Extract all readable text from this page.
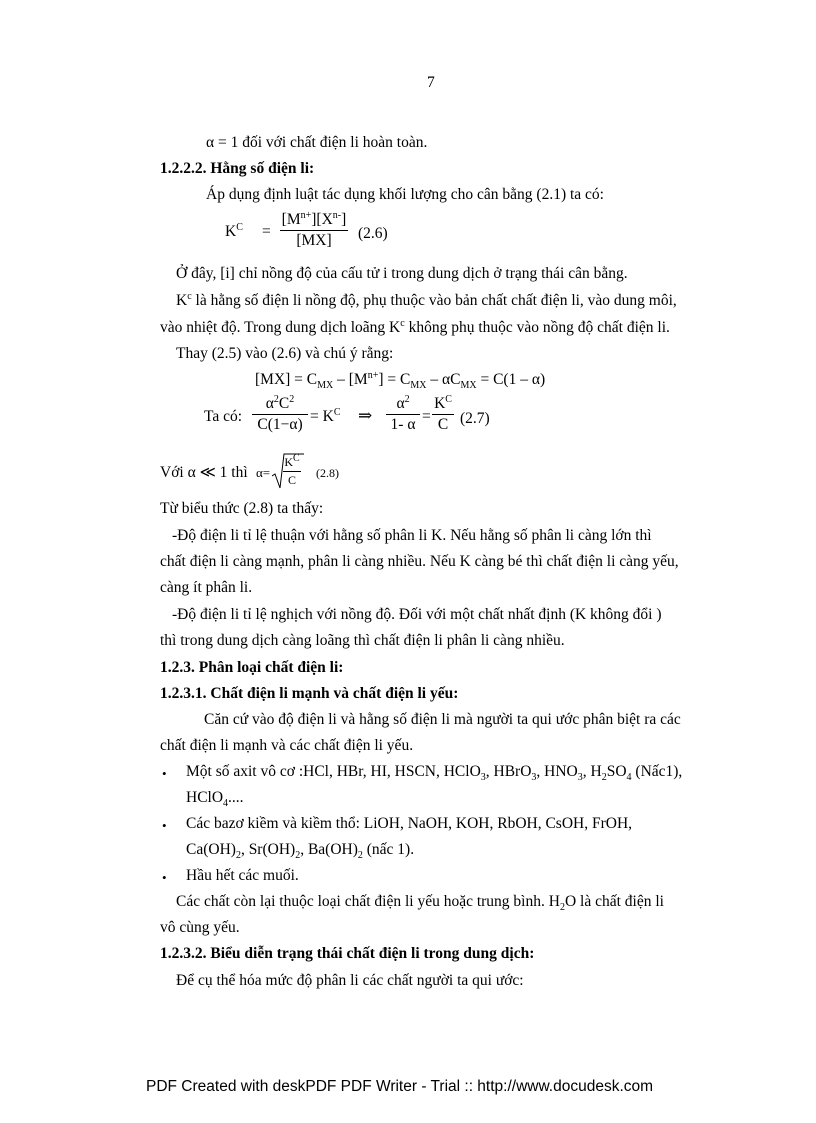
7
α = 1 đối với chất điện li hoàn toàn.
1.2.2.2. Hằng số điện li:
Áp dụng định luật tác dụng khối lượng cho cân bằng (2.1) ta có:
$K^C$ =
$[M^{n+}][X^{n-}]$
[MX]	(2.6)
Ở đây, [i] chỉ nồng độ của cấu tử i trong dung dịch ở trạng thái cân bằng.
$K^c$ là hằng số điện li nồng độ, phụ thuộc vào bản chất chất điện li, vào dung môi,
vào nhiệt độ. Trong dung dịch loãng $K^c$ không phụ thuộc vào nồng độ chất điện li.
Thay (2.5) vào (2.6) và chú ý rằng:
$[MX] = C_{MX} - [M^{n+}] = C_{MX} - \alpha C_{MX} = C(1 - \alpha)$
Ta có:
$\alpha^2C^2$
$C(1-\alpha) = K^C$ ⇒
$\alpha^2$
1- α =
$K^C$
C (2.7)
Với α ≪ 1 thì α=
$K^C$
C	(2.8)
Từ biểu thức (2.8) ta thấy:
-Độ điện li tỉ lệ thuận với hằng số phân li K. Nếu hằng số phân li càng lớn thì
chất điện li càng mạnh, phân li càng nhiều. Nếu K càng bé thì chất điện li càng yếu,
càng ít phân li.
-Độ điện li tỉ lệ nghịch với nồng độ. Đối với một chất nhất định (K không đổi )
thì trong dung dịch càng loãng thì chất điện li phân li càng nhiều.
1.2.3. Phân loại chất điện li:
1.2.3.1. Chất điện li mạnh và chất điện li yếu:
Căn cứ vào độ điện li và hằng số điện li mà người ta qui ước phân biệt ra các
chất điện li mạnh và các chất điện li yếu.
• Một số axit vô cơ :HCl, HBr, HI, HSCN, HClO$_3$, HBrO$_3$, $HNO_3$, $H_2SO_4$ (Nấc1),
HClO$_4$....
• Các bazơ kiềm và kiềm thổ: LiOH, NaOH, KOH, RbOH, CsOH, FrOH,
$Ca(OH)_2$, $Sr(OH)_2$, $Ba(OH)_2$ (nấc 1).
• Hầu hết các muối.
Các chất còn lại thuộc loại chất điện li yếu hoặc trung bình. $H_2O$ là chất điện li
vô cùng yếu.
1.2.3.2. Biểu diễn trạng thái chất điện li trong dung dịch:
Để cụ thể hóa mức độ phân li các chất người ta qui ước:
PDF Created with deskPDF PDF Writer - Trial :: http://www.docudesk.com
